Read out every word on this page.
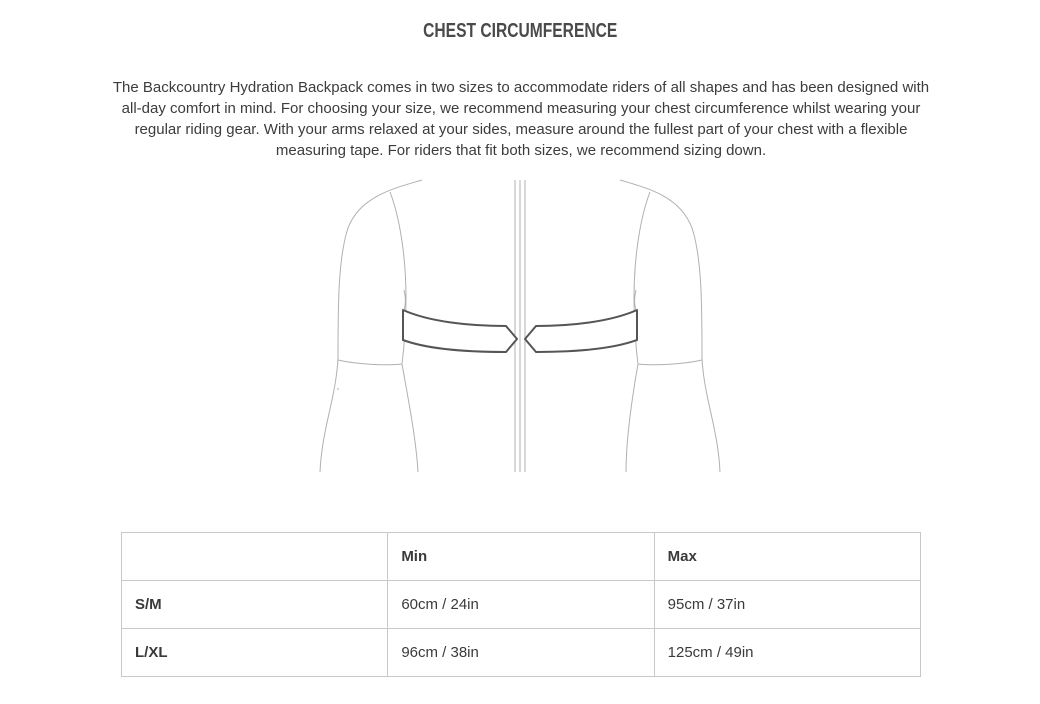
CHEST CIRCUMFERENCE

The Backcountry Hydration Backpack comes in two sizes to accommodate riders of all shapes and has been designed with all-day comfort in mind. For choosing your size, we recommend measuring your chest circumference whilst wearing your regular riding gear. With your arms relaxed at your sides, measure around the fullest part of your chest with a flexible measuring tape. For riders that fit both sizes, we recommend sizing down.

	Min	Max
S/M	60cm / 24in	95cm / 37in
L/XL	96cm / 38in	125cm / 49in
